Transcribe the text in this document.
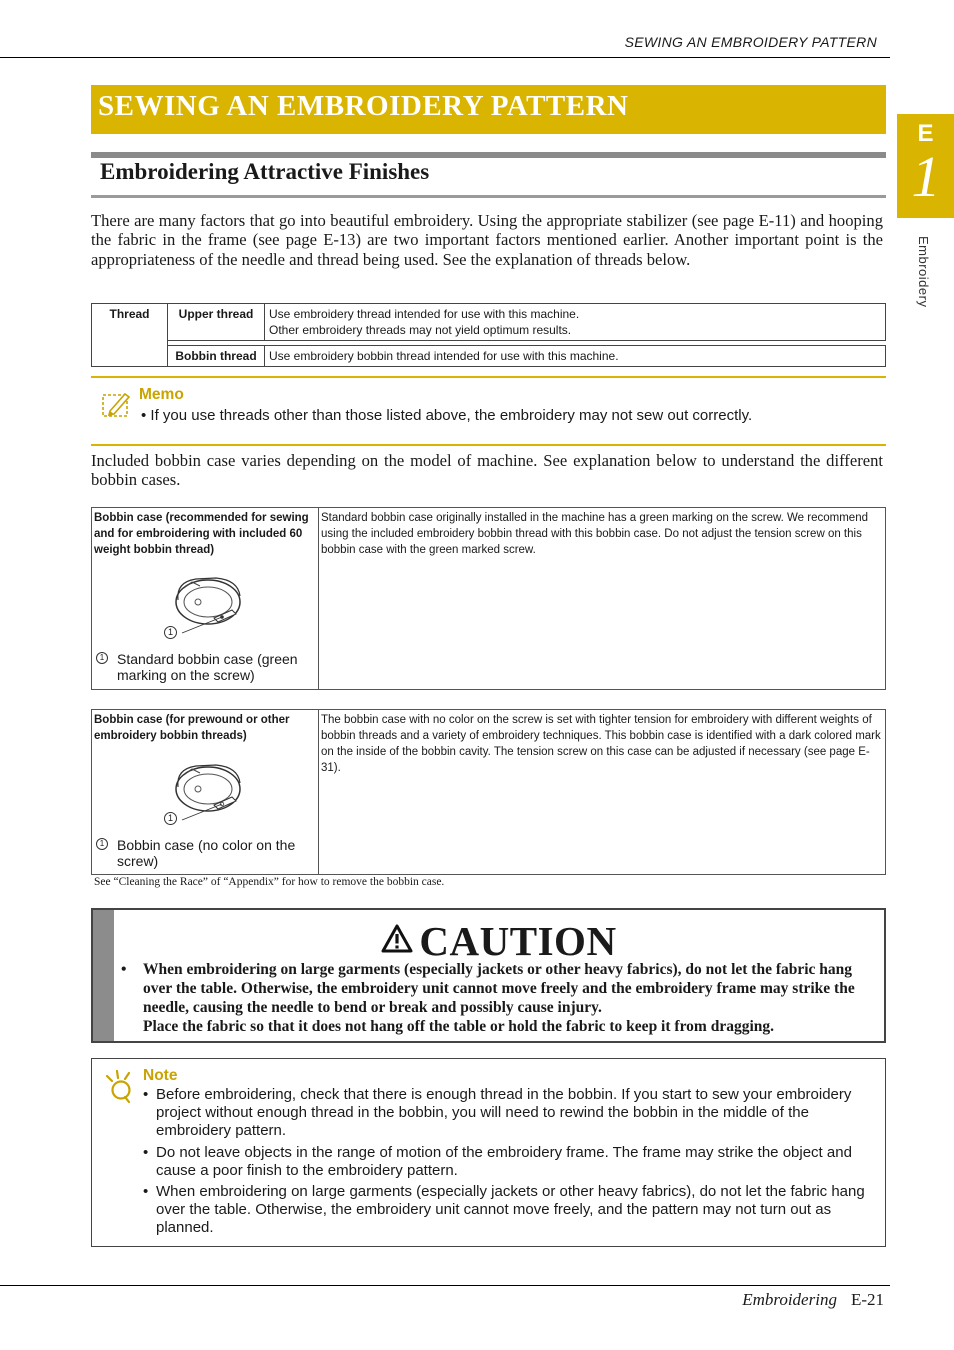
SEWING AN EMBROIDERY PATTERN
E
1
Embroidery
SEWING AN EMBROIDERY PATTERN
Embroidering Attractive Finishes

There are many factors that go into beautiful embroidery. Using the appropriate stabilizer (see page E-11) and hooping the fabric in the frame (see page E-13) are two important factors mentioned earlier. Another important point is the appropriateness of the needle and thread being used. See the explanation of threads below.

Thread	Upper thread	Use embroidery thread intended for use with this machine.
Other embroidery threads may not yield optimum results.

	Bobbin thread	Use embroidery bobbin thread intended for use with this machine.
Memo
• If you use threads other than those listed above, the embroidery may not sew out correctly.

Included bobbin case varies depending on the model of machine. See explanation below to understand the different bobbin cases.

Bobbin case (recommended for sewing and for embroidering with included 60 weight bobbin thread)
1
1 Standard bobbin case (green marking on the screw)
Standard bobbin case originally installed in the machine has a green marking on the screw. We recommend using the included embroidery bobbin thread with this bobbin case. Do not adjust the tension screw on this bobbin case with the green marked screw.
Bobbin case (for prewound or other embroidery bobbin threads)
1
1 Bobbin case (no color on the screw)
The bobbin case with no color on the screw is set with tighter tension for embroidery with different weights of bobbin threads and a variety of embroidery techniques. This bobbin case is identified with a dark colored mark on the inside of the bobbin cavity. The tension screw on this case can be adjusted if necessary (see page E-31).
See “Cleaning the Race” of “Appendix” for how to remove the bobbin case.
CAUTION
•	When embroidering on large garments (especially jackets or other heavy fabrics), do not let the fabric hang over the table. Otherwise, the embroidery unit cannot move freely and the embroidery frame may strike the needle, causing the needle to bend or break and possibly cause injury.
Place the fabric so that it does not hang off the table or hold the fabric to keep it from dragging.
Note
• Before embroidering, check that there is enough thread in the bobbin. If you start to sew your embroidery project without enough thread in the bobbin, you will need to rewind the bobbin in the middle of the embroidery pattern.
• Do not leave objects in the range of motion of the embroidery frame. The frame may strike the object and cause a poor finish to the embroidery pattern.
• When embroidering on large garments (especially jackets or other heavy fabrics), do not let the fabric hang over the table. Otherwise, the embroidery unit cannot move freely, and the pattern may not turn out as planned.
Embroidering E-21
